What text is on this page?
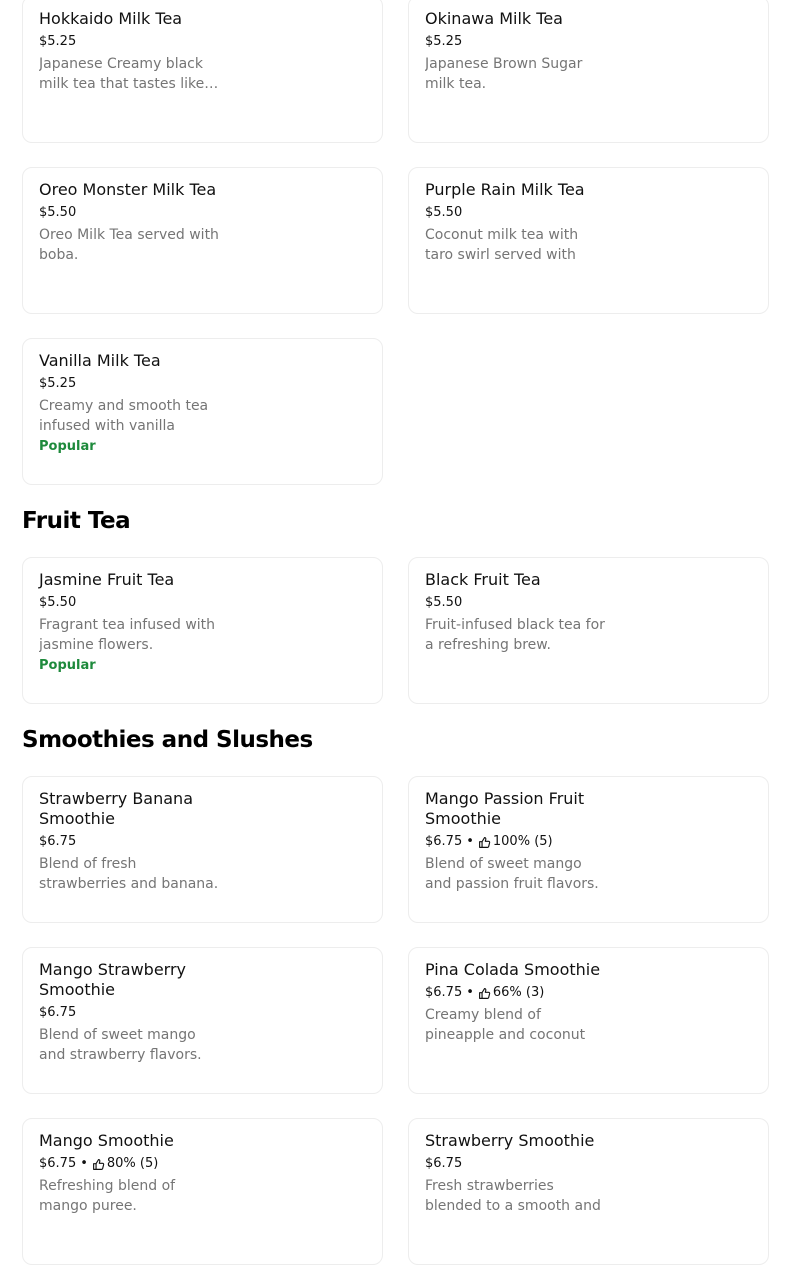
Fruit Tea
Smoothies and Slushes
Hokkaido Milk Tea
$5.25
Japanese Creamy black milk tea that tastes like…
Okinawa Milk Tea
$5.25
Japanese Brown Sugar milk tea.
Oreo Monster Milk Tea
$5.50
Oreo Milk Tea served with boba.
Purple Rain Milk Tea
$5.50
Coconut milk tea with taro swirl served with
Vanilla Milk Tea
$5.25
Creamy and smooth tea infused with vanilla
Popular
Jasmine Fruit Tea
$5.50
Fragrant tea infused with jasmine flowers.
Popular
Black Fruit Tea
$5.50
Fruit-infused black tea for a refreshing brew.
Strawberry Banana Smoothie
$6.75
Blend of fresh strawberries and banana.
Mango Passion Fruit Smoothie
$6.75 • 100% (5)
Blend of sweet mango and passion fruit flavors.
Mango Strawberry Smoothie
$6.75
Blend of sweet mango and strawberry flavors.
Pina Colada Smoothie
$6.75 • 66% (3)
Creamy blend of pineapple and coconut
Mango Smoothie
$6.75 • 80% (5)
Refreshing blend of mango puree.
Strawberry Smoothie
$6.75
Fresh strawberries blended to a smooth and
